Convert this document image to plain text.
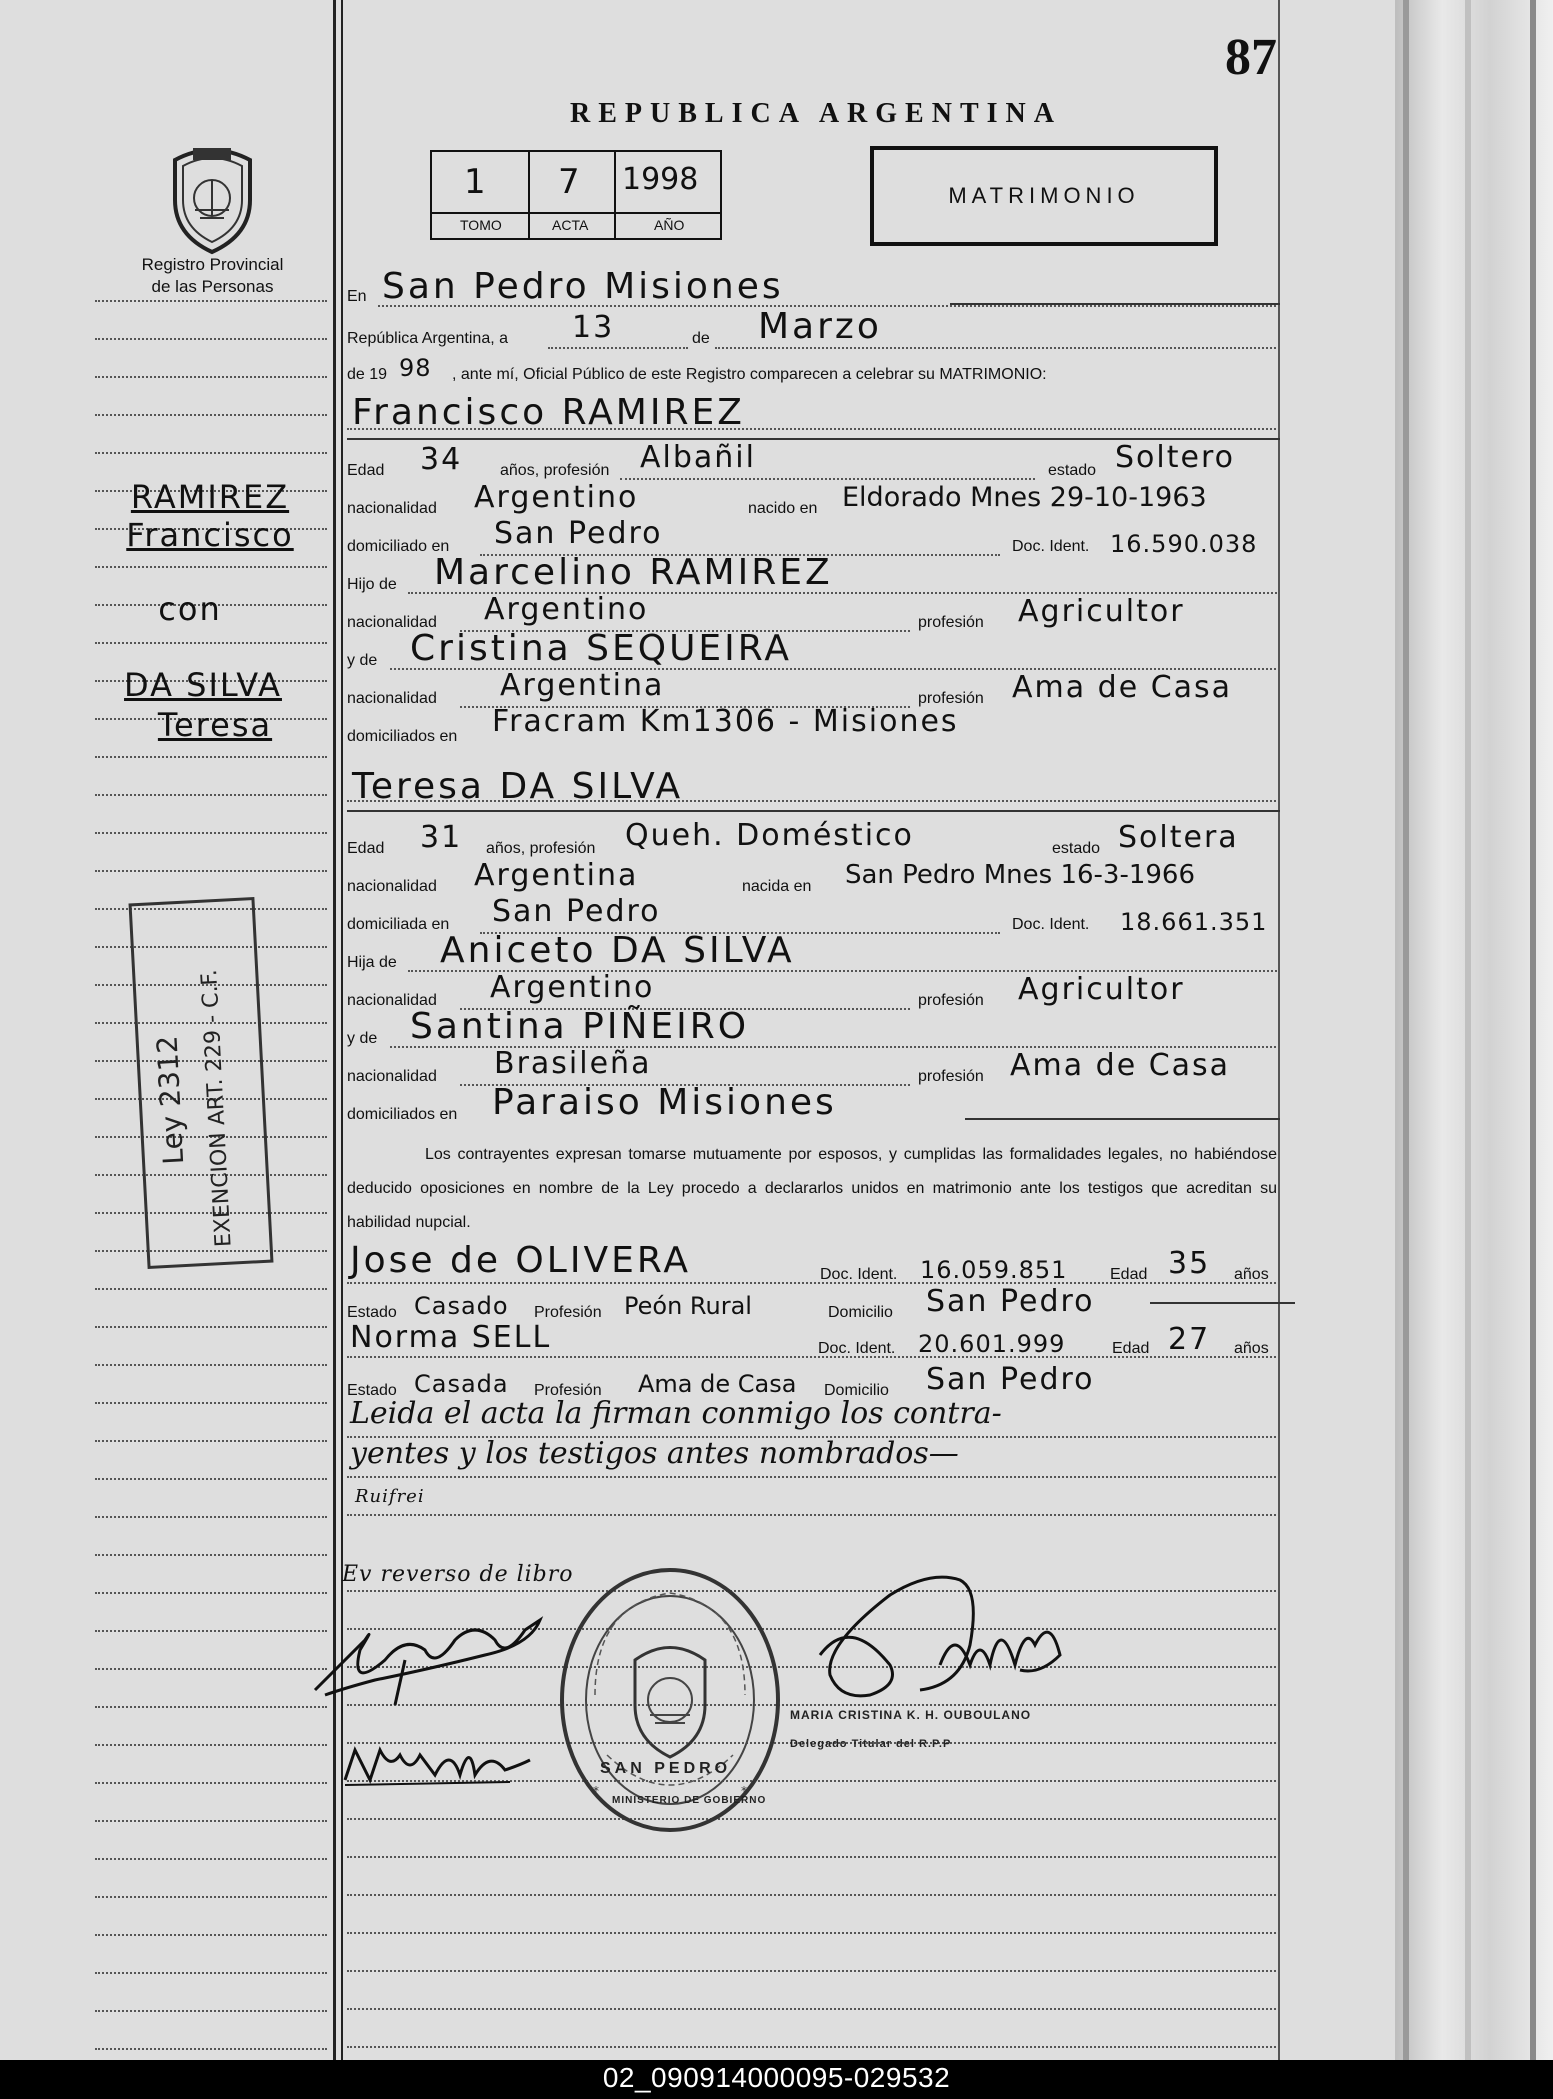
87
REPUBLICA ARGENTINA
1 7 1998
TOMO	ACTA	AÑO
MATRIMONIO
Registro Provincial
de las Personas
En San Pedro Misiones
República Argentina, a 13	de Marzo
de 19 98 , ante mí, Oficial Público de este Registro comparecen a celebrar su MATRIMONIO:
Francisco RAMIREZ
Edad 34 años, profesión Albañil	estado Soltero
nacionalidad Argentino	nacido en Eldorado Mnes 29-10-1963
domiciliado en San Pedro	Doc. Ident. 16.590.038
Hijo de Marcelino RAMIREZ
nacionalidad Argentino	profesión Agricultor
y de Cristina SEQUEIRA
nacionalidad Argentina	profesión Ama de Casa
domiciliados en Fracram Km1306 - Misiones
Teresa DA SILVA
Edad 31 años, profesión Queh. Doméstico	estado Soltera
nacionalidad Argentina	nacida en San Pedro Mnes 16-3-1966
domiciliada en San Pedro	Doc. Ident. 18.661.351
Hija de Aniceto DA SILVA
nacionalidad Argentino	profesión Agricultor
y de Santina PIÑEIRO
nacionalidad Brasileña	profesión Ama de Casa
domiciliados en Paraiso Misiones
Los contrayentes expresan tomarse mutuamente por esposos, y cumplidas las formalidades legales, no habiéndose deducido oposiciones en nombre de la Ley procedo a declararlos unidos en matrimonio ante los testigos que acreditan su habilidad nupcial.
Jose de OLIVERA	Doc. Ident. 16.059.851	Edad 35 años
Estado Casado Profesión Peón Rural	Domicilio San Pedro
Norma SELL	Doc. Ident. 20.601.999	Edad 27 años
Estado Casada Profesión Ama de Casa Domicilio San Pedro
Leida el acta la firman conmigo los contra-
yentes y los testigos antes nombrados—
Ruifrei
Ev reverso de libro
RAMIREZ
Francisco
con
DA SILVA
Teresa
Ley 2312 EXENCION ART. 229 - C.F.
*	*
SAN PEDRO
MINISTERIO DE GOBIERNO
MARIA CRISTINA K. H. OUBOULANO
Delegado Titular del R.P.P
02_090914000095-029532
